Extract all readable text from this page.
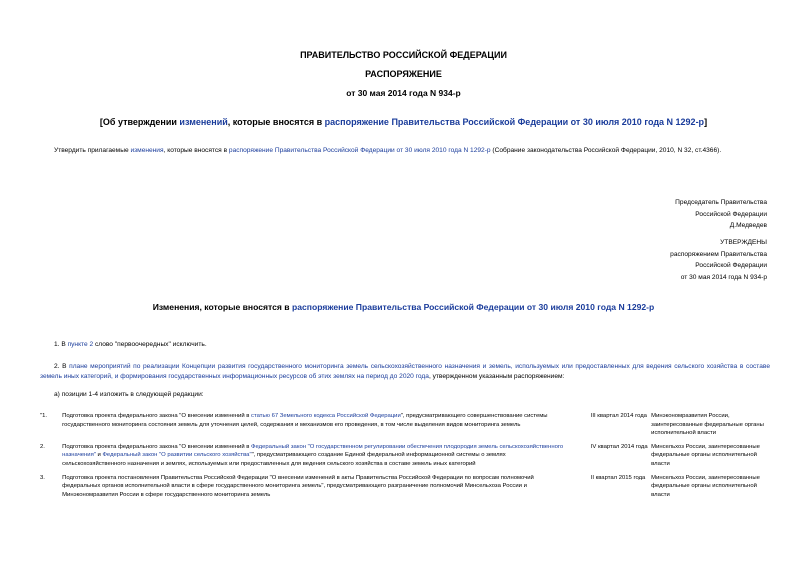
ПРАВИТЕЛЬСТВО РОССИЙСКОЙ ФЕДЕРАЦИИ
РАСПОРЯЖЕНИЕ
от 30 мая 2014 года N 934-р
[Об утверждении изменений, которые вносятся в распоряжение Правительства Российской Федерации от 30 июля 2010 года N 1292-р]
Утвердить прилагаемые изменения, которые вносятся в распоряжение Правительства Российской Федерации от 30 июля 2010 года N 1292-р (Собрание законодательства Российской Федерации, 2010, N 32, ст.4366).
Председатель Правительства
Российской Федерации
Д.Медведев
УТВЕРЖДЕНЫ
распоряжением Правительства
Российской Федерации
от 30 мая 2014 года N 934-р
Изменения, которые вносятся в распоряжение Правительства Российской Федерации от 30 июля 2010 года N 1292-р
1. В пункте 2 слово "первоочередных" исключить.
2. В плане мероприятий по реализации Концепции развития государственного мониторинга земель сельскохозяйственного назначения и земель, используемых или предоставленных для ведения сельского хозяйства в составе земель иных категорий, и формирования государственных информационных ресурсов об этих землях на период до 2020 года, утвержденном указанным распоряжением:
а) позиции 1-4 изложить в следующей редакции:
"1.	Подготовка проекта федерального закона "О внесении изменений в статью 67 Земельного кодекса Российской Федерации", предусматривающего совершенствование системы государственного мониторинга состояния земель для уточнения целей, содержания и механизмов его проведения, в том числе выделения видов мониторинга земель	III квартал 2014 года	Минэкономразвития России, заинтересованные федеральные органы исполнительной власти
2.	Подготовка проекта федерального закона "О внесении изменений в Федеральный закон "О государственном регулировании обеспечения плодородия земель сельскохозяйственного назначения" и Федеральный закон "О развитии сельского хозяйства"", предусматривающего создание Единой федеральной информационной системы о землях сельскохозяйственного назначения и землях, используемых или предоставленных для ведения сельского хозяйства в составе земель иных категорий	IV квартал 2014 года	Минсельхоз России, заинтересованные федеральные органы исполнительной власти
3.	Подготовка проекта постановления Правительства Российской Федерации "О внесении изменений в акты Правительства Российской Федерации по вопросам полномочий федеральных органов исполнительной власти в сфере государственного мониторинга земель", предусматривающего разграничение полномочий Минсельхоза России и Минэкономразвития России в сфере государственного мониторинга земель	II квартал 2015 года	Минсельхоз России, заинтересованные федеральные органы исполнительной власти
